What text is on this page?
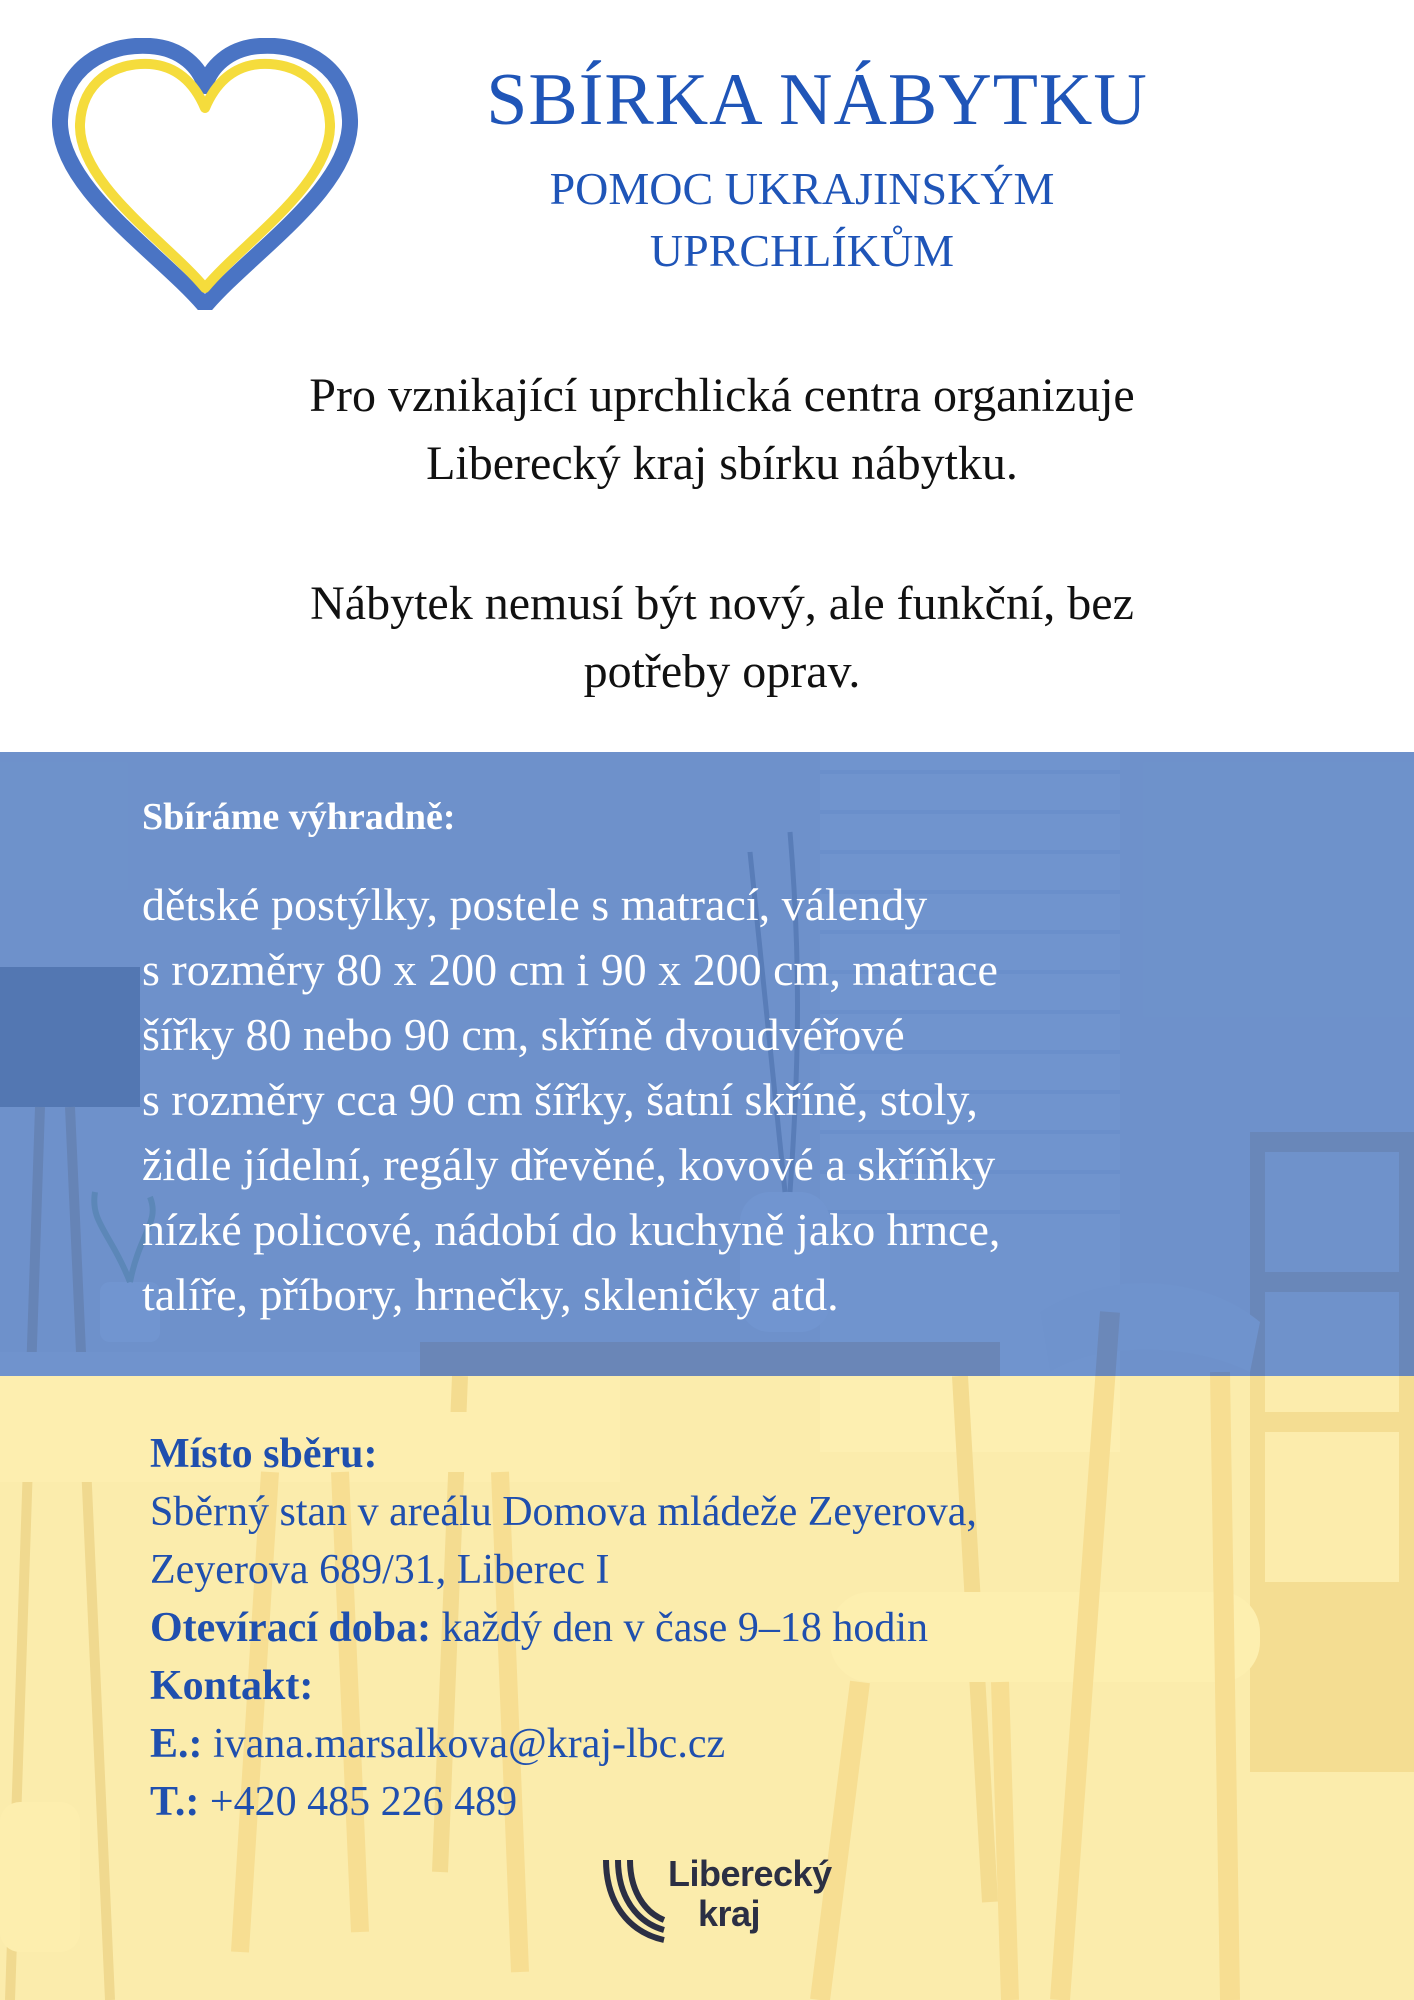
SBÍRKA NÁBYTKU
POMOC UKRAJINSKÝM
UPRCHLÍKŮM

Pro vznikající uprchlická centra organizuje
Liberecký kraj sbírku nábytku.

Nábytek nemusí být nový, ale funkční, bez
potřeby oprav.

Sbíráme výhradně:
dětské postýlky, postele s matrací, válendy
s rozměry 80 x 200 cm i 90 x 200 cm, matrace
šířky 80 nebo 90 cm, skříně dvoudvéřové
s rozměry cca 90 cm šířky, šatní skříně, stoly,
židle jídelní, regály dřevěné, kovové a skříňky
nízké policové, nádobí do kuchyně jako hrnce,
talíře, příbory, hrnečky, skleničky atd.
Místo sběru:
Sběrný stan v areálu Domova mládeže Zeyerova,
Zeyerova 689/31, Liberec I
Otevírací doba: každý den v čase 9–18 hodin
Kontakt:
E.: ivana.marsalkova@kraj-lbc.cz
T.: +420 485 226 489
Liberecký
kraj
